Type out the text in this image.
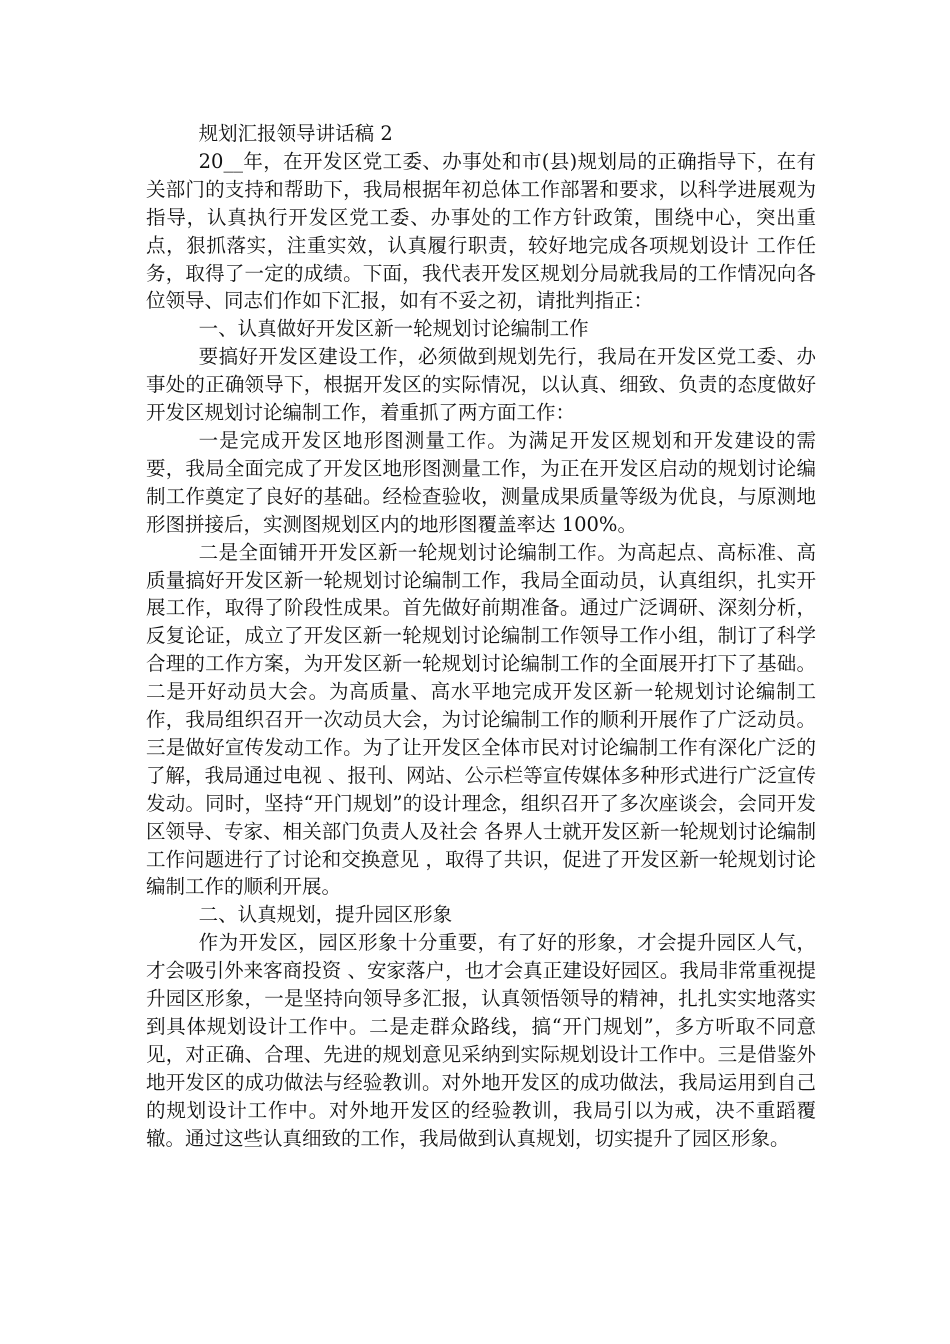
规划汇报领导讲话稿 2

20__年，在开发区党工委、办事处和市(县)规划局的正确指导下，在有关部门的支持和帮助下，我局根据年初总体工作部署和要求，以科学进展观为指导，认真执行开发区党工委、办事处的工作方针政策，围绕中心，突出重点，狠抓落实，注重实效，认真履行职责，较好地完成各项规划设计 工作任务，取得了一定的成绩。下面，我代表开发区规划分局就我局的工作情况向各位领导、同志们作如下汇报，如有不妥之初，请批判指正：

一、认真做好开发区新一轮规划讨论编制工作

要搞好开发区建设工作，必须做到规划先行，我局在开发区党工委、办事处的正确领导下，根据开发区的实际情况，以认真、细致、负责的态度做好开发区规划讨论编制工作，着重抓了两方面工作：

一是完成开发区地形图测量工作。为满足开发区规划和开发建设的需要，我局全面完成了开发区地形图测量工作，为正在开发区启动的规划讨论编制工作奠定了良好的基础。经检查验收，测量成果质量等级为优良，与原测地形图拼接后，实测图规划区内的地形图覆盖率达 100%。

二是全面铺开开发区新一轮规划讨论编制工作。为高起点、高标准、高质量搞好开发区新一轮规划讨论编制工作，我局全面动员，认真组织，扎实开展工作，取得了阶段性成果。首先做好前期准备。通过广泛调研、深刻分析，反复论证，成立了开发区新一轮规划讨论编制工作领导工作小组，制订了科学合理的工作方案，为开发区新一轮规划讨论编制工作的全面展开打下了基础。二是开好动员大会。为高质量、高水平地完成开发区新一轮规划讨论编制工作，我局组织召开一次动员大会，为讨论编制工作的顺利开展作了广泛动员。三是做好宣传发动工作。为了让开发区全体市民对讨论编制工作有深化广泛的了解，我局通过电视 、报刊、网站、公示栏等宣传媒体多种形式进行广泛宣传发动。同时，坚持“开门规划”的设计理念，组织召开了多次座谈会，会同开发区领导、专家、相关部门负责人及社会 各界人士就开发区新一轮规划讨论编制工作问题进行了讨论和交换意见 ，取得了共识，促进了开发区新一轮规划讨论编制工作的顺利开展。

二、认真规划，提升园区形象

作为开发区，园区形象十分重要，有了好的形象，才会提升园区人气，才会吸引外来客商投资 、安家落户，也才会真正建设好园区。我局非常重视提升园区形象，一是坚持向领导多汇报，认真领悟领导的精神，扎扎实实地落实到具体规划设计工作中。二是走群众路线，搞“开门规划”，多方听取不同意见，对正确、合理、先进的规划意见采纳到实际规划设计工作中。三是借鉴外地开发区的成功做法与经验教训。对外地开发区的成功做法，我局运用到自己的规划设计工作中。对外地开发区的经验教训，我局引以为戒，决不重蹈覆辙。通过这些认真细致的工作，我局做到认真规划，切实提升了园区形象。
